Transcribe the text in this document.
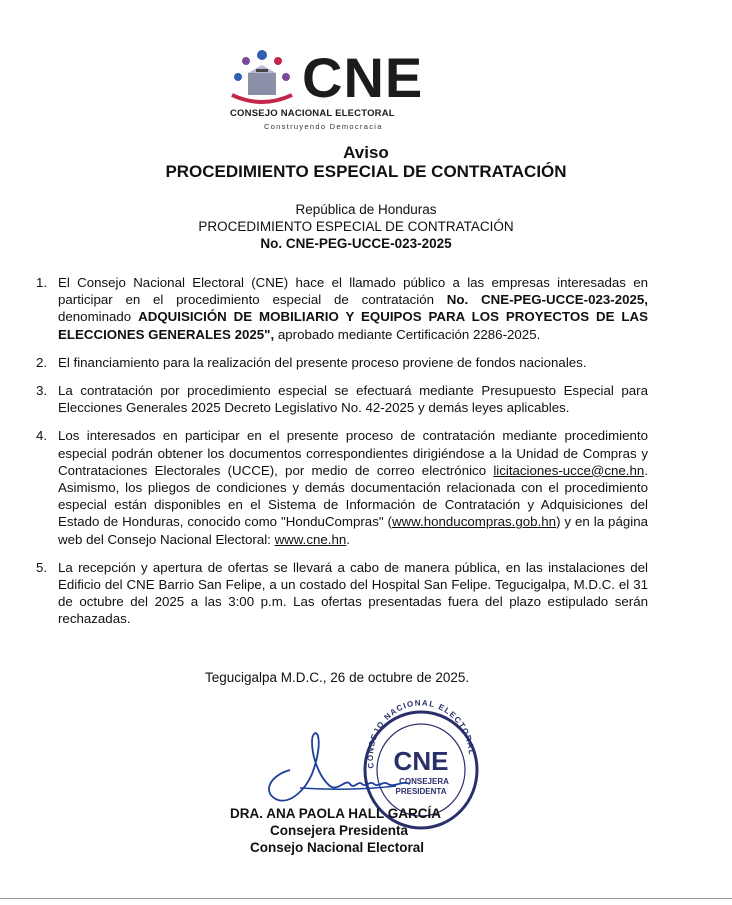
CNE
CONSEJO NACIONAL ELECTORAL
Construyendo Democracia
Aviso
PROCEDIMIENTO ESPECIAL DE CONTRATACIÓN
República de Honduras
PROCEDIMIENTO ESPECIAL DE CONTRATACIÓN
No. CNE-PEG-UCCE-023-2025
1. El Consejo Nacional Electoral (CNE) hace el llamado público a las empresas interesadas en participar en el procedimiento especial de contratación No. CNE-PEG-UCCE-023-2025, denominado ADQUISICIÓN DE MOBILIARIO Y EQUIPOS PARA LOS PROYECTOS DE LAS ELECCIONES GENERALES 2025", aprobado mediante Certificación 2286-2025.
2. El financiamiento para la realización del presente proceso proviene de fondos nacionales.
3. La contratación por procedimiento especial se efectuará mediante Presupuesto Especial para Elecciones Generales 2025 Decreto Legislativo No. 42-2025 y demás leyes aplicables.
4. Los interesados en participar en el presente proceso de contratación mediante procedimiento especial podrán obtener los documentos correspondientes dirigiéndose a la Unidad de Compras y Contrataciones Electorales (UCCE), por medio de correo electrónico licitaciones-ucce@cne.hn. Asimismo, los pliegos de condiciones y demás documentación relacionada con el procedimiento especial están disponibles en el Sistema de Información de Contratación y Adquisiciones del Estado de Honduras, conocido como "HonduCompras" (www.honducompras.gob.hn) y en la página web del Consejo Nacional Electoral: www.cne.hn.
5. La recepción y apertura de ofertas se llevará a cabo de manera pública, en las instalaciones del Edificio del CNE Barrio San Felipe, a un costado del Hospital San Felipe. Tegucigalpa, M.D.C. el 31 de octubre del 2025 a las 3:00 p.m. Las ofertas presentadas fuera del plazo estipulado serán rechazadas.
Tegucigalpa M.D.C., 26 de octubre de 2025.
CONSEJO NACIONAL ELECTORAL
CNE
CONSEJERA
PRESIDENTA
DRA. ANA PAOLA HALL GARCÍA
Consejera Presidenta
Consejo Nacional Electoral
